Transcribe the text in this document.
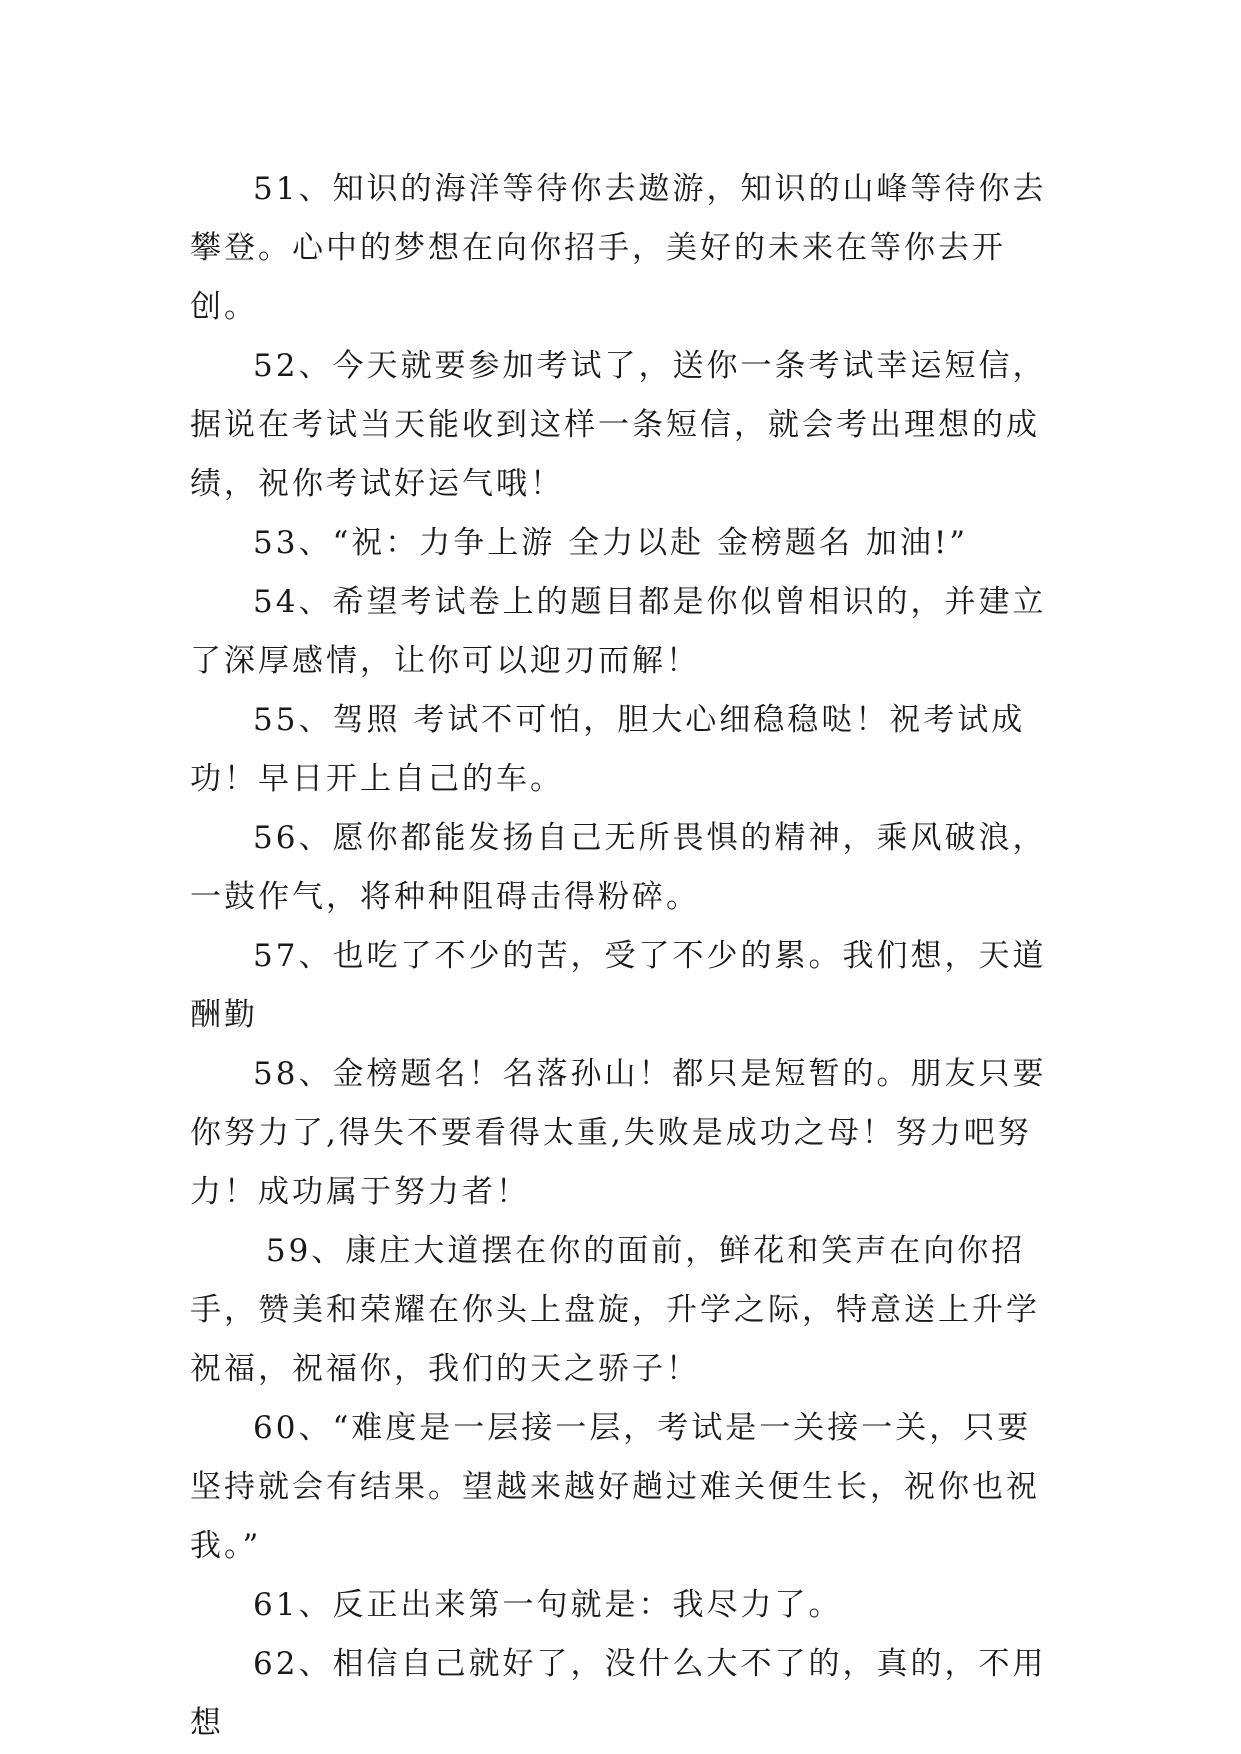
51、知识的海洋等待你去遨游，知识的山峰等待你去攀登。心中的梦想在向你招手，美好的未来在等你去开创。

52、今天就要参加考试了，送你一条考试幸运短信，据说在考试当天能收到这样一条短信，就会考出理想的成绩，祝你考试好运气哦！

53、“祝：力争上游 全力以赴 金榜题名 加油!”

54、希望考试卷上的题目都是你似曾相识的，并建立了深厚感情，让你可以迎刃而解！

55、驾照 考试不可怕，胆大心细稳稳哒！祝考试成功！早日开上自己的车。

56、愿你都能发扬自己无所畏惧的精神，乘风破浪，一鼓作气，将种种阻碍击得粉碎。

57、也吃了不少的苦，受了不少的累。我们想，天道酬勤

58、金榜题名！名落孙山！都只是短暂的。朋友只要你努力了,得失不要看得太重,失败是成功之母！努力吧努力！成功属于努力者！

59、康庄大道摆在你的面前，鲜花和笑声在向你招手，赞美和荣耀在你头上盘旋，升学之际，特意送上升学祝福，祝福你，我们的天之骄子！

60、“难度是一层接一层，考试是一关接一关，只要坚持就会有结果。望越来越好趟过难关便生长，祝你也祝我。”

61、反正出来第一句就是：我尽力了。

62、相信自己就好了，没什么大不了的，真的，不用想
